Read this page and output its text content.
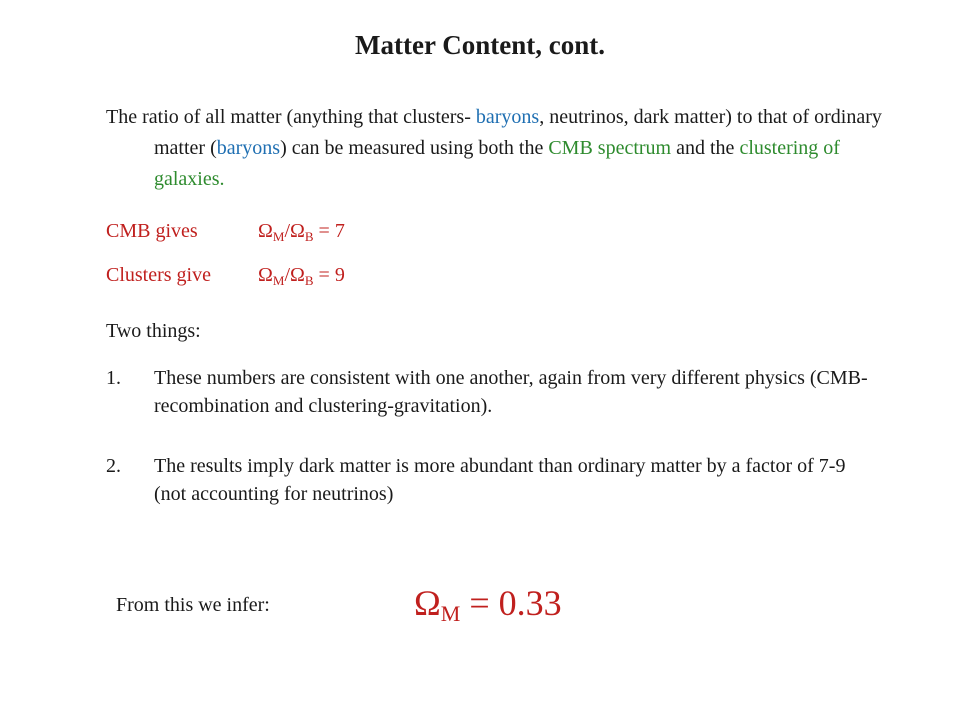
Matter Content, cont.

The ratio of all matter (anything that clusters- baryons, neutrinos, dark matter) to that of ordinary matter (baryons) can be measured using both the CMB spectrum and the clustering of galaxies.

CMB gives	$\Omega_M/\Omega_B = 7$
Clusters give $\Omega_M/\Omega_B = 9$
Two things:
1. These numbers are consistent with one another, again from very different physics (CMB-recombination and clustering-gravitation).
2. The results imply dark matter is more abundant than ordinary matter by a factor of 7-9 (not accounting for neutrinos)
From this we infer:	$\Omega_M = 0.33$
